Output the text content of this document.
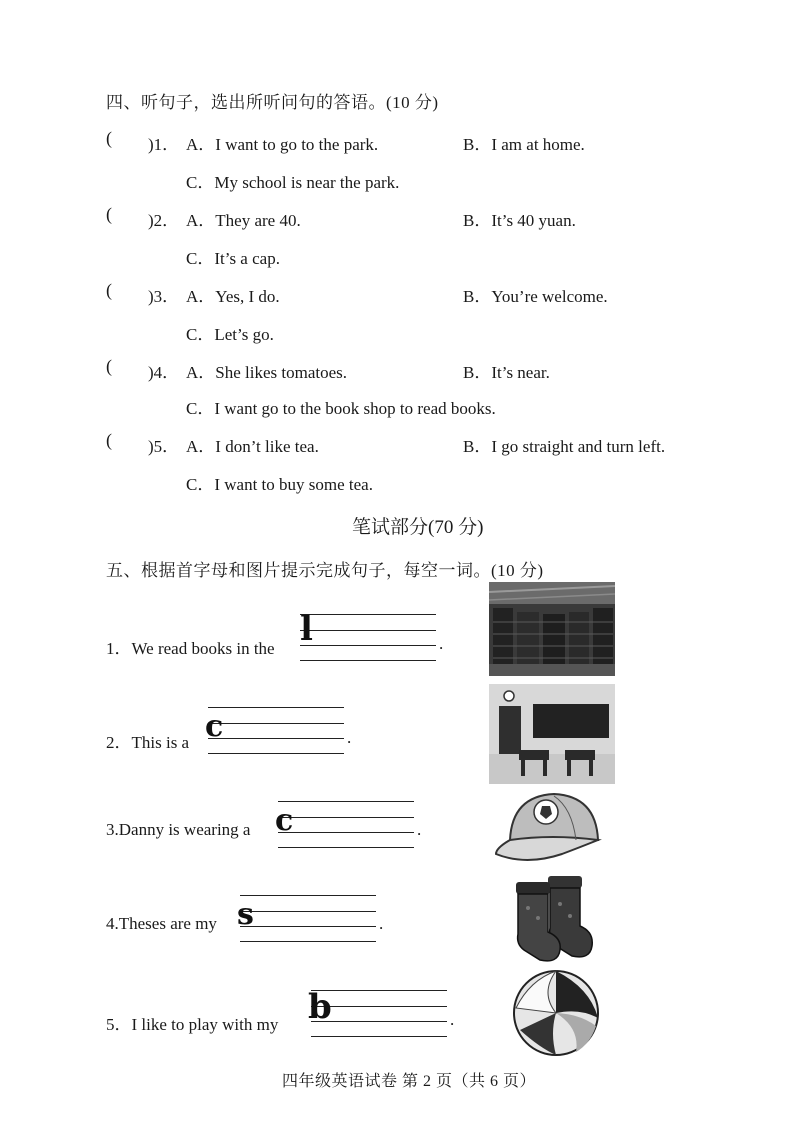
四、听句子，选出所听问句的答语。(10 分)
( )1． A．I want to go to the park.	B．I am at home.
C．My school is near the park.
( )2． A．They are 40.	B．It’s 40 yuan.
C．It’s a cap.
( )3． A．Yes, I do.	B．You’re welcome.
C．Let’s go.
( )4． A．She likes tomatoes.	B．It’s near.
C．I want go to the book shop to read books.
( )5． A．I don’t like tea.	B．I go straight and turn left.
C．I want to buy some tea.
笔试部分(70 分)
五、根据首字母和图片提示完成句子，每空一词。(10 分)
1．We read books in the l	.
2．This is a c	.
3.Danny is wearing a c	.
4.Theses are my s	.
5．I like to play with my b	.
四年级英语试卷 第 2 页（共 6 页）
